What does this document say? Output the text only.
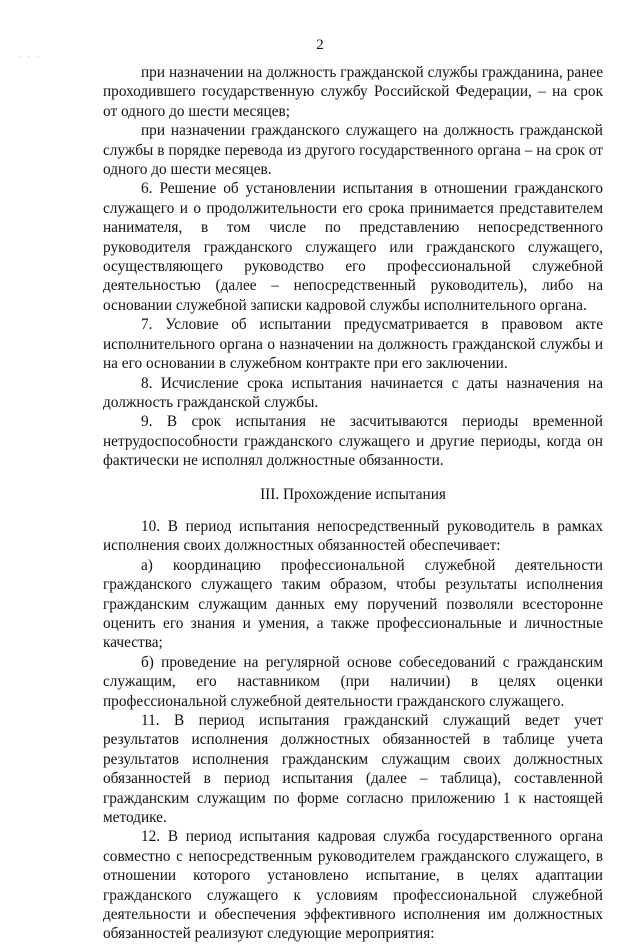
· · ·
2

при назначении на должность гражданской службы гражданина, ранее проходившего государственную службу Российской Федерации, – на срок от одного до шести месяцев;

при назначении гражданского служащего на должность гражданской службы в порядке перевода из другого государственного органа – на срок от одного до шести месяцев.

6. Решение об установлении испытания в отношении гражданского служащего и о продолжительности его срока принимается представителем нанимателя, в том числе по представлению непосредственного руководителя гражданского служащего или гражданского служащего, осуществляющего руководство его профессиональной служебной деятельностью (далее – непосредственный руководитель), либо на основании служебной записки кадровой службы исполнительного органа.

7. Условие об испытании предусматривается в правовом акте исполнительного органа о назначении на должность гражданской службы и на его основании в служебном контракте при его заключении.

8. Исчисление срока испытания начинается с даты назначения на должность гражданской службы.

9. В срок испытания не засчитываются периоды временной нетрудоспособности гражданского служащего и другие периоды, когда он фактически не исполнял должностные обязанности.

III. Прохождение испытания

10. В период испытания непосредственный руководитель в рамках исполнения своих должностных обязанностей обеспечивает:

а) координацию профессиональной служебной деятельности гражданского служащего таким образом, чтобы результаты исполнения гражданским служащим данных ему поручений позволяли всесторонне оценить его знания и умения, а также профессиональные и личностные качества;

б) проведение на регулярной основе собеседований с гражданским служащим, его наставником (при наличии) в целях оценки профессиональной служебной деятельности гражданского служащего.

11. В период испытания гражданский служащий ведет учет результатов исполнения должностных обязанностей в таблице учета результатов исполнения гражданским служащим своих должностных обязанностей в период испытания (далее – таблица), составленной гражданским служащим по форме согласно приложению 1 к настоящей методике.

12. В период испытания кадровая служба государственного органа совместно с непосредственным руководителем гражданского служащего, в отношении которого установлено испытание, в целях адаптации гражданского служащего к условиям профессиональной служебной деятельности и обеспечения эффективного исполнения им должностных обязанностей реализуют следующие мероприятия:
